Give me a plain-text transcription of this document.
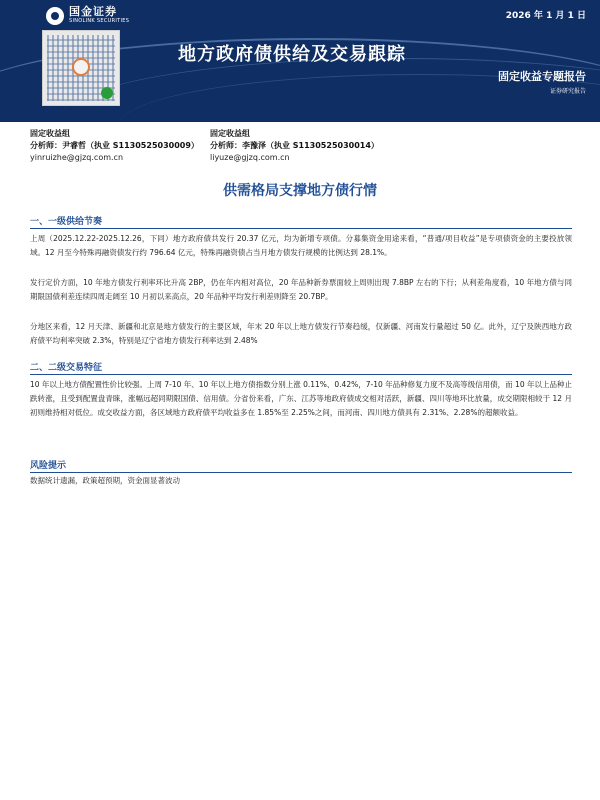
国金证券
SINOLINK SECURITIES	2026 年 1 月 1 日
地方政府债供给及交易跟踪
固定收益专题报告
证券研究报告
固定收益组
分析师：尹睿哲（执业 S1130525030009）
yinruizhe@gjzq.com.cn
固定收益组
分析师：李豫泽（执业 S1130525030014）
liyuze@gjzq.com.cn
供需格局支撑地方债行情
一、一级供给节奏

上周（2025.12.22-2025.12.26，下同）地方政府债共发行 20.37 亿元，均为新增专项债。分募集资金用途来看，“普通/项目收益”是专项债资金的主要投放领域。12 月至今特殊再融资债发行约 796.64 亿元，特殊再融资债占当月地方债发行规模的比例达到 28.1%。

发行定价方面，10 年地方债发行利率环比升高 2BP，仍在年内相对高位，20 年品种新券票面较上周则出现 7.8BP 左右的下行；从利差角度看，10 年地方债与同期限国债利差连续四周走阔至 10 月初以来高点，20 年品种平均发行利差则降至 20.7BP。

分地区来看，12 月天津、新疆和北京是地方债发行的主要区域，年末 20 年以上地方债发行节奏趋缓，仅新疆、河南发行量超过 50 亿。此外，辽宁及陕西地方政府债平均利率突破 2.3%，特别是辽宁省地方债发行利率达到 2.48%

二、二级交易特征

10 年以上地方债配置性价比较强。上周 7-10 年、10 年以上地方债指数分别上涨 0.11%、0.42%，7-10 年品种修复力度不及高等级信用债，而 10 年以上品种止跌转涨，且受到配置盘青睐，涨幅远超同期限国债、信用债。分省份来看，广东、江苏等地政府债成交相对活跃，新疆、四川等地环比放量，成交期限相较于 12 月初则维持相对低位。成交收益方面，各区域地方政府债平均收益多在 1.85%至 2.25%之间，而河南、四川地方债具有 2.31%、2.28%的超额收益。

风险提示

数据统计遗漏，政策超预期，资金面显著波动
